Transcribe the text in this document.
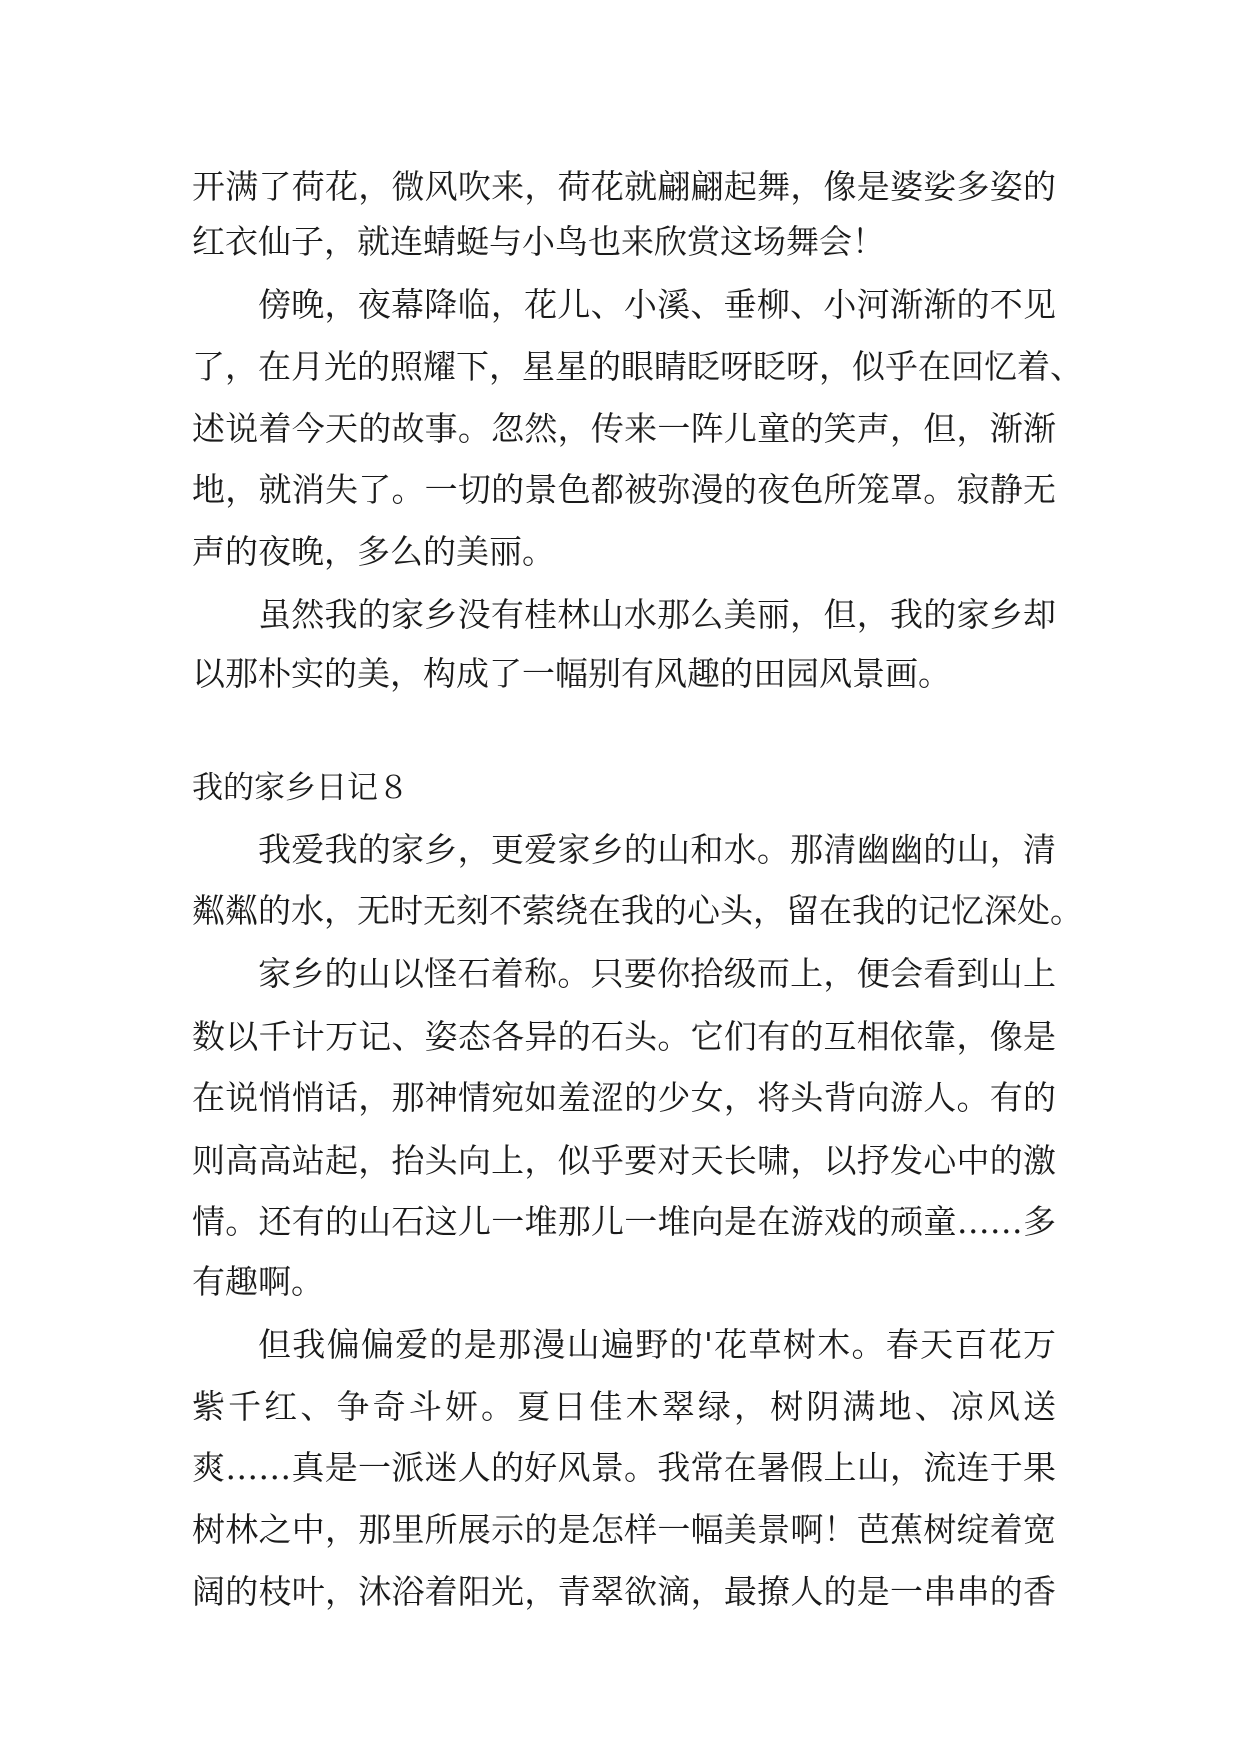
开满了荷花，微风吹来，荷花就翩翩起舞，像是婆娑多姿的
红衣仙子，就连蜻蜓与小鸟也来欣赏这场舞会！
傍晚，夜幕降临，花儿、小溪、垂柳、小河渐渐的不见
了，在月光的照耀下，星星的眼睛眨呀眨呀，似乎在回忆着、
述说着今天的故事。忽然，传来一阵儿童的笑声，但，渐渐
地，就消失了。一切的景色都被弥漫的夜色所笼罩。寂静无
声的夜晚，多么的美丽。
虽然我的家乡没有桂林山水那么美丽，但，我的家乡却
以那朴实的美，构成了一幅别有风趣的田园风景画。
我的家乡日记８
我爱我的家乡，更爱家乡的山和水。那清幽幽的山，清
粼粼的水，无时无刻不萦绕在我的心头，留在我的记忆深处。
家乡的山以怪石着称。只要你拾级而上，便会看到山上
数以千计万记、姿态各异的石头。它们有的互相依靠，像是
在说悄悄话，那神情宛如羞涩的少女，将头背向游人。有的
则高高站起，抬头向上，似乎要对天长啸，以抒发心中的激
情。还有的山石这儿一堆那儿一堆向是在游戏的顽童……多
有趣啊。
但我偏偏爱的是那漫山遍野的'花草树木。春天百花万
紫千红、争奇斗妍。夏日佳木翠绿，树阴满地、凉风送
爽……真是一派迷人的好风景。我常在暑假上山，流连于果
树林之中，那里所展示的是怎样一幅美景啊！芭蕉树绽着宽
阔的枝叶，沐浴着阳光，青翠欲滴，最撩人的是一串串的香
